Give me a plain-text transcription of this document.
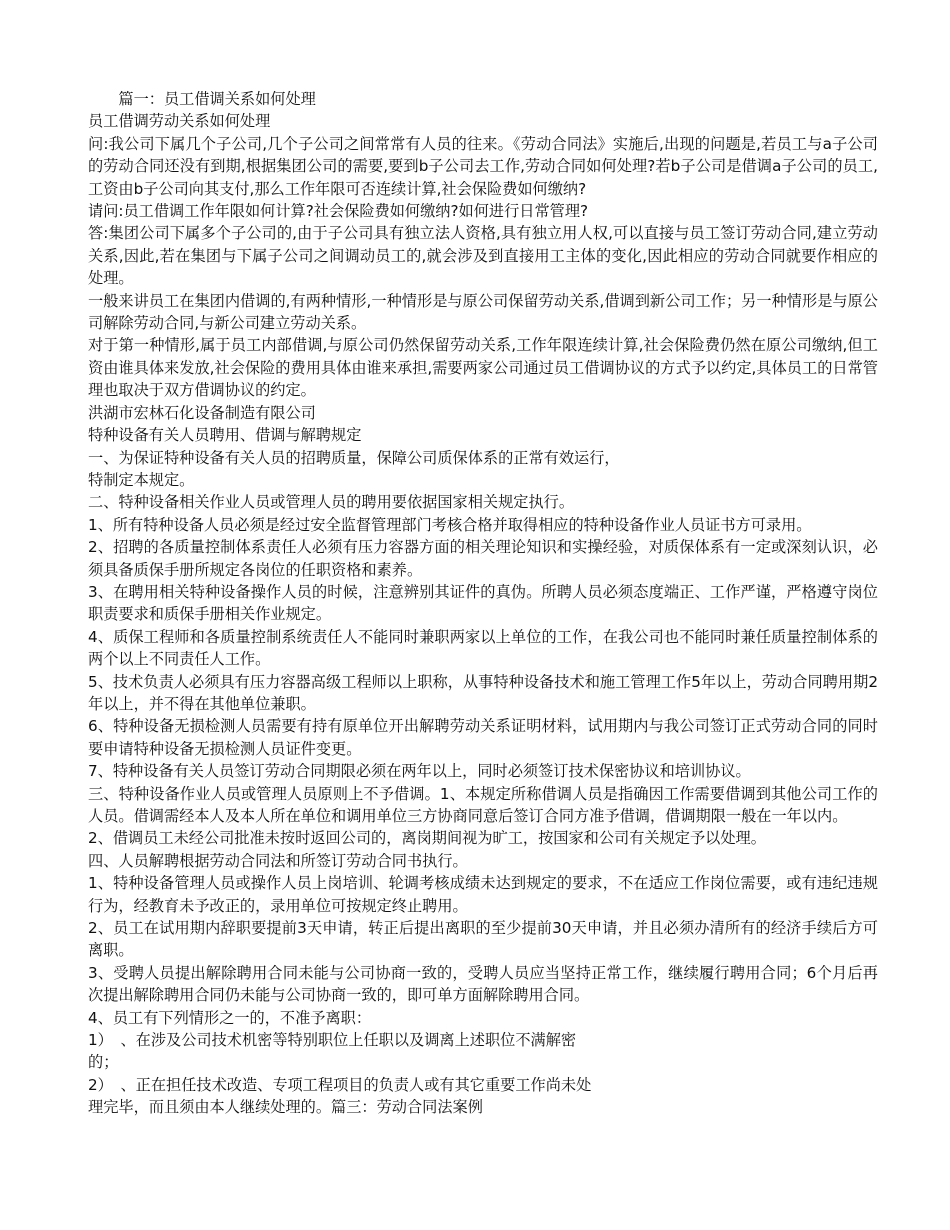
　　篇一：员工借调关系如何处理
员工借调劳动关系如何处理
问:我公司下属几个子公司,几个子公司之间常常有人员的往来。《劳动合同法》实施后,出现的问题是,若员工与a子公司的劳动合同还没有到期,根据集团公司的需要,要到b子公司去工作,劳动合同如何处理?若b子公司是借调a子公司的员工,工资由b子公司向其支付,那么工作年限可否连续计算,社会保险费如何缴纳?
请问:员工借调工作年限如何计算?社会保险费如何缴纳?如何进行日常管理?
答:集团公司下属多个子公司的,由于子公司具有独立法人资格,具有独立用人权,可以直接与员工签订劳动合同,建立劳动关系,因此,若在集团与下属子公司之间调动员工的,就会涉及到直接用工主体的变化,因此相应的劳动合同就要作相应的处理。
一般来讲员工在集团内借调的,有两种情形,一种情形是与原公司保留劳动关系,借调到新公司工作；另一种情形是与原公司解除劳动合同,与新公司建立劳动关系。
对于第一种情形,属于员工内部借调,与原公司仍然保留劳动关系,工作年限连续计算,社会保险费仍然在原公司缴纳,但工资由谁具体来发放,社会保险的费用具体由谁来承担,需要两家公司通过员工借调协议的方式予以约定,具体员工的日常管理也取决于双方借调协议的约定。
洪湖市宏林石化设备制造有限公司
特种设备有关人员聘用、借调与解聘规定
一、为保证特种设备有关人员的招聘质量，保障公司质保体系的正常有效运行，
特制定本规定。
二、特种设备相关作业人员或管理人员的聘用要依据国家相关规定执行。
1、所有特种设备人员必须是经过安全监督管理部门考核合格并取得相应的特种设备作业人员证书方可录用。
2、招聘的各质量控制体系责任人必须有压力容器方面的相关理论知识和实操经验，对质保体系有一定或深刻认识，必须具备质保手册所规定各岗位的任职资格和素养。
3、在聘用相关特种设备操作人员的时候，注意辨别其证件的真伪。所聘人员必须态度端正、工作严谨，严格遵守岗位职责要求和质保手册相关作业规定。
4、质保工程师和各质量控制系统责任人不能同时兼职两家以上单位的工作，在我公司也不能同时兼任质量控制体系的两个以上不同责任人工作。
5、技术负责人必须具有压力容器高级工程师以上职称，从事特种设备技术和施工管理工作5年以上，劳动合同聘用期2年以上，并不得在其他单位兼职。
6、特种设备无损检测人员需要有持有原单位开出解聘劳动关系证明材料，试用期内与我公司签订正式劳动合同的同时要申请特种设备无损检测人员证件变更。
7、特种设备有关人员签订劳动合同期限必须在两年以上，同时必须签订技术保密协议和培训协议。
三、特种设备作业人员或管理人员原则上不予借调。1、本规定所称借调人员是指确因工作需要借调到其他公司工作的人员。借调需经本人及本人所在单位和调用单位三方协商同意后签订合同方准予借调，借调期限一般在一年以内。
2、借调员工未经公司批准未按时返回公司的，离岗期间视为旷工，按国家和公司有关规定予以处理。
四、人员解聘根据劳动合同法和所签订劳动合同书执行。
1、特种设备管理人员或操作人员上岗培训、轮调考核成绩未达到规定的要求，不在适应工作岗位需要，或有违纪违规行为，经教育未予改正的，录用单位可按规定终止聘用。
2、员工在试用期内辞职要提前3天申请，转正后提出离职的至少提前30天申请，并且必须办清所有的经济手续后方可离职。
3、受聘人员提出解除聘用合同未能与公司协商一致的，受聘人员应当坚持正常工作，继续履行聘用合同；6个月后再次提出解除聘用合同仍未能与公司协商一致的，即可单方面解除聘用合同。
4、员工有下列情形之一的，不准予离职：
1）　、在涉及公司技术机密等特别职位上任职以及调离上述职位不满解密
的；
2）　、正在担任技术改造、专项工程项目的负责人或有其它重要工作尚未处
理完毕，而且须由本人继续处理的。篇三：劳动合同法案例
